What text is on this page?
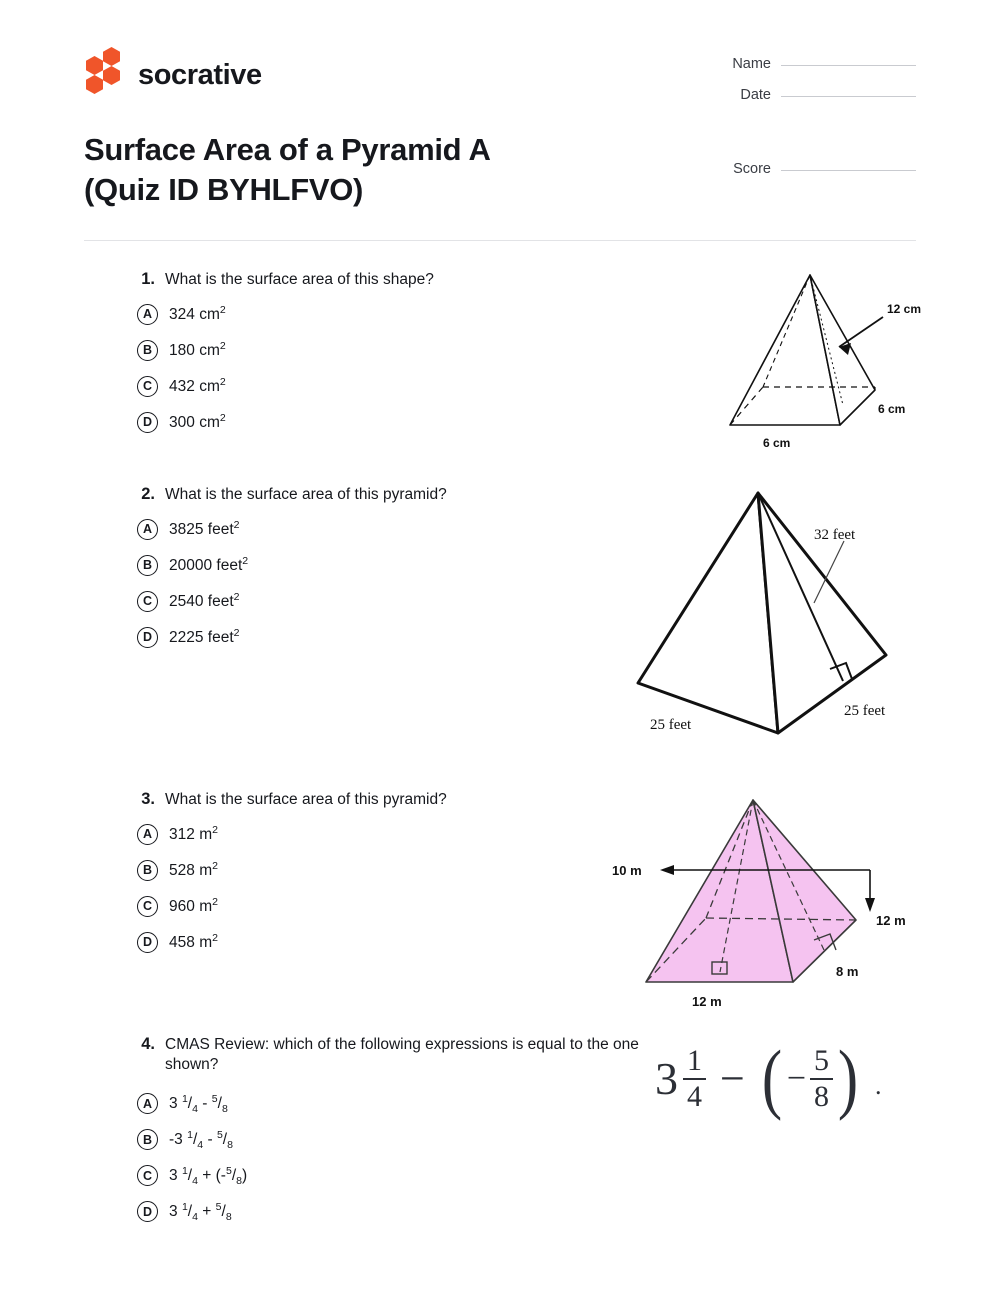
socrative
Surface Area of a Pyramid A
(Quiz ID BYHLFVO)
Name
Date
Score
1. What is the surface area of this shape?

A	324 $cm^2$
B	180 $cm^2$
C	432 $cm^2$
D	300 $cm^2$
12 cm
6 cm
6 cm
2. What is the surface area of this pyramid?

A	3825 feet$^2$
B	20000 feet$^2$
C	2540 feet$^2$
D	2225 feet$^2$
32 feet
25 feet
25 feet
3. What is the surface area of this pyramid?

A	312 $m^2$
B	528 $m^2$
C	960 $m^2$
D	458 $m^2$
10 m
12 m
8 m
12 m
4. CMAS Review: which of the following expressions is equal to the one shown?

A	3 $^1/_4 - ^5/_8$
B	-3 $^1/_4 - ^5/_8$
C	3 $^1/_4 + (-^5/_8)$
D	3 $^1/_4 + ^5/_8$
$3 \frac{1}{4}$ − ( − $\frac{5}{8}$ ) .
